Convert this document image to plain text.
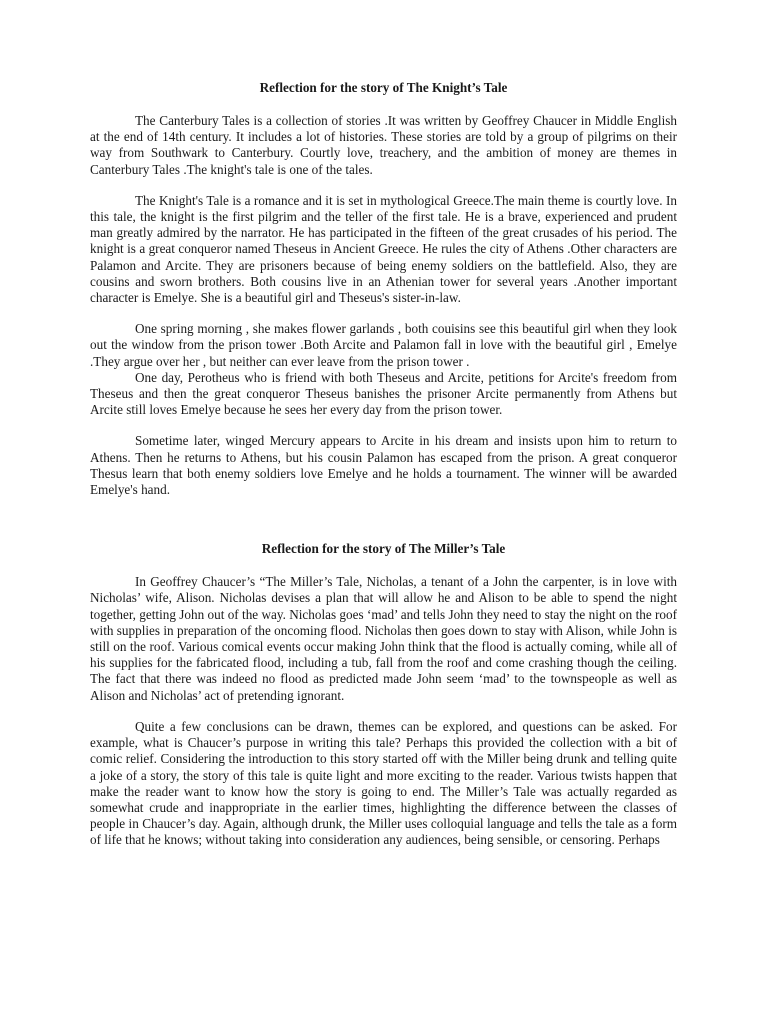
Reflection for the story of The Knight’s Tale

The Canterbury Tales is a collection of stories .It was written by Geoffrey Chaucer in Middle English at the end of 14th century. It includes a lot of histories. These stories are told by a group of pilgrims on their way from Southwark to Canterbury. Courtly love, treachery, and the ambition of money are themes in Canterbury Tales .The knight's tale is one of the tales.

The Knight's Tale is a romance and it is set in mythological Greece.The main theme is courtly love. In this tale, the knight is the first pilgrim and the teller of the first tale. He is a brave, experienced and prudent man greatly admired by the narrator. He has participated in the fifteen of the great crusades of his period. The knight is a great conqueror named Theseus in Ancient Greece. He rules the city of Athens .Other characters are Palamon and Arcite. They are prisoners because of being enemy soldiers on the battlefield. Also, they are cousins and sworn brothers. Both cousins live in an Athenian tower for several years .Another important character is Emelye. She is a beautiful girl and Theseus's sister-in-law.

One spring morning , she makes flower garlands , both couisins see this beautiful girl when they look out the window from the prison tower .Both Arcite and Palamon fall in love with the beautiful girl , Emelye .They argue over her , but neither can ever leave from the prison tower .

One day, Perotheus who is friend with both Theseus and Arcite, petitions for Arcite's freedom from Theseus and then the great conqueror Theseus banishes the prisoner Arcite permanently from Athens but Arcite still loves Emelye because he sees her every day from the prison tower.

Sometime later, winged Mercury appears to Arcite in his dream and insists upon him to return to Athens. Then he returns to Athens, but his cousin Palamon has escaped from the prison. A great conqueror Thesus learn that both enemy soldiers love Emelye and he holds a tournament. The winner will be awarded Emelye's hand.

Reflection for the story of The Miller’s Tale

In Geoffrey Chaucer’s “The Miller’s Tale, Nicholas, a tenant of a John the carpenter, is in love with Nicholas’ wife, Alison. Nicholas devises a plan that will allow he and Alison to be able to spend the night together, getting John out of the way. Nicholas goes ‘mad’ and tells John they need to stay the night on the roof with supplies in preparation of the oncoming flood. Nicholas then goes down to stay with Alison, while John is still on the roof. Various comical events occur making John think that the flood is actually coming, while all of his supplies for the fabricated flood, including a tub, fall from the roof and come crashing though the ceiling. The fact that there was indeed no flood as predicted made John seem ‘mad’ to the townspeople as well as Alison and Nicholas’ act of pretending ignorant.

Quite a few conclusions can be drawn, themes can be explored, and questions can be asked. For example, what is Chaucer’s purpose in writing this tale? Perhaps this provided the collection with a bit of comic relief. Considering the introduction to this story started off with the Miller being drunk and telling quite a joke of a story, the story of this tale is quite light and more exciting to the reader. Various twists happen that make the reader want to know how the story is going to end. The Miller’s Tale was actually regarded as somewhat crude and inappropriate in the earlier times, highlighting the difference between the classes of people in Chaucer’s day. Again, although drunk, the Miller uses colloquial language and tells the tale as a form of life that he knows; without taking into consideration any audiences, being sensible, or censoring. Perhaps
